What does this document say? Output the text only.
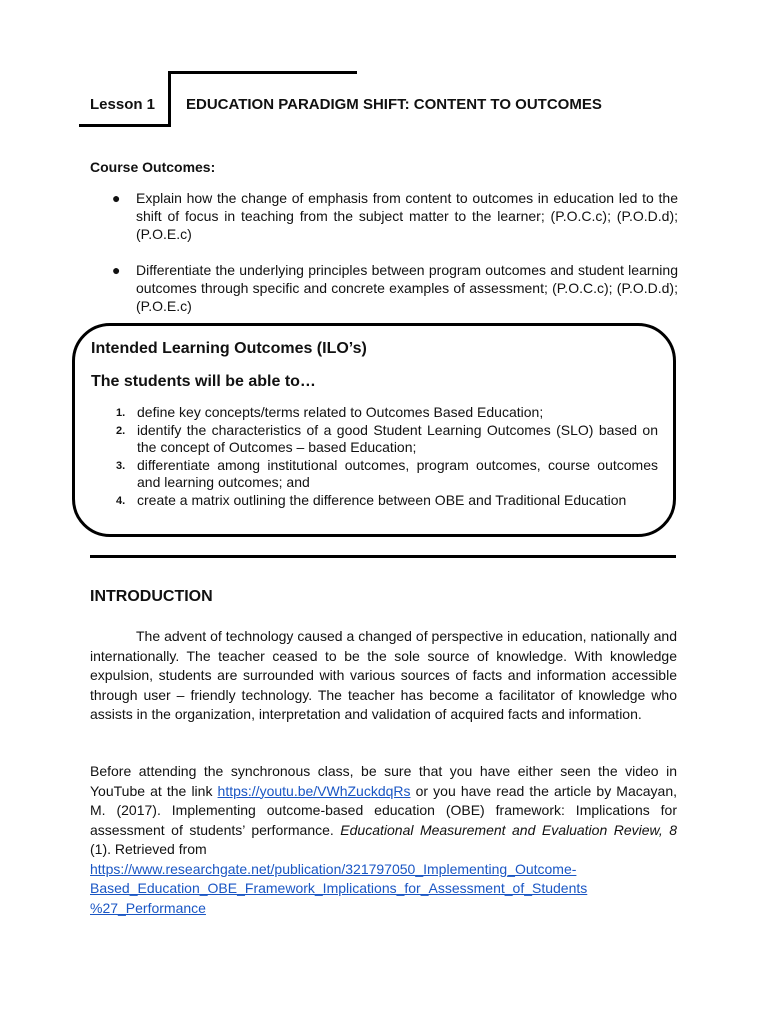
Lesson 1 EDUCATION PARADIGM SHIFT: CONTENT TO OUTCOMES
Course Outcomes:
● Explain how the change of emphasis from content to outcomes in education led to the shift of focus in teaching from the subject matter to the learner; (P.O.C.c); (P.O.D.d); (P.O.E.c)
● Differentiate the underlying principles between program outcomes and student learning outcomes through specific and concrete examples of assessment; (P.O.C.c); (P.O.D.d); (P.O.E.c)
Intended Learning Outcomes (ILO’s)
The students will be able to…
1. define key concepts/terms related to Outcomes Based Education;
2. identify the characteristics of a good Student Learning Outcomes (SLO) based on the concept of Outcomes – based Education;
3. differentiate among institutional outcomes, program outcomes, course outcomes and learning outcomes; and
4. create a matrix outlining the difference between OBE and Traditional Education
INTRODUCTION

The advent of technology caused a changed of perspective in education, nationally and internationally. The teacher ceased to be the sole source of knowledge. With knowledge expulsion, students are surrounded with various sources of facts and information accessible through user – friendly technology. The teacher has become a facilitator of knowledge who assists in the organization, interpretation and validation of acquired facts and information.

Before attending the synchronous class, be sure that you have either seen the video in YouTube at the link https://youtu.be/VWhZuckdqRs or you have read the article by Macayan, M. (2017). Implementing outcome-based education (OBE) framework: Implications for assessment of students’ performance. Educational Measurement and Evaluation Review, 8 (1). Retrieved from
https://www.researchgate.net/publication/321797050_Implementing_Outcome-
Based_Education_OBE_Framework_Implications_for_Assessment_of_Students
%27_Performance
